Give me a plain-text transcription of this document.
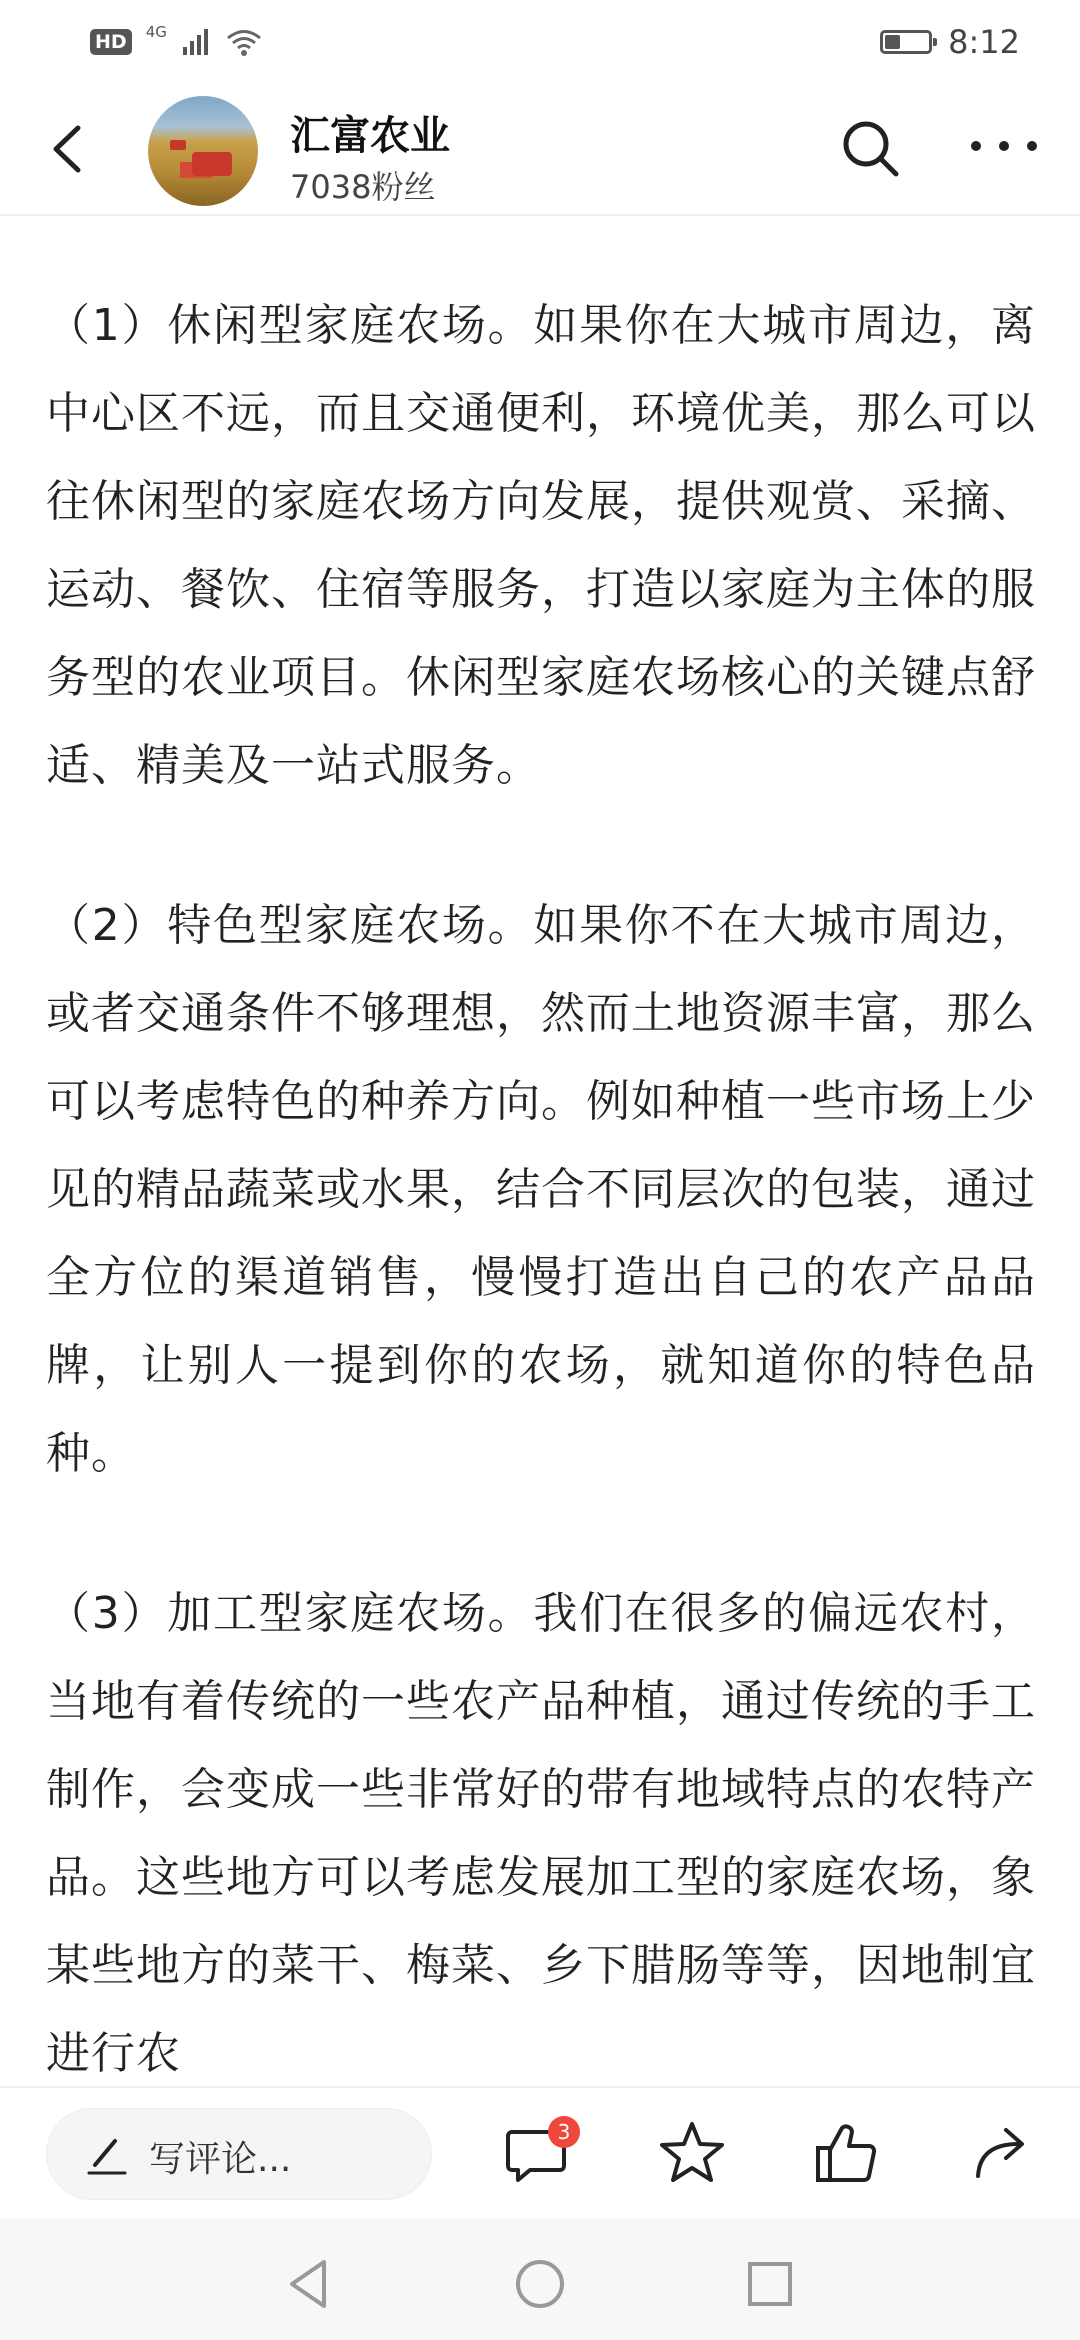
HD	4G	8:12
汇富农业
7038粉丝

（1）休闲型家庭农场。如果你在大城市周边，离中心区不远，而且交通便利，环境优美，那么可以往休闲型的家庭农场方向发展，提供观赏、采摘、运动、餐饮、住宿等服务，打造以家庭为主体的服务型的农业项目。休闲型家庭农场核心的关键点舒适、精美及一站式服务。

（2）特色型家庭农场。如果你不在大城市周边，或者交通条件不够理想，然而土地资源丰富，那么可以考虑特色的种养方向。例如种植一些市场上少见的精品蔬菜或水果，结合不同层次的包装，通过全方位的渠道销售，慢慢打造出自己的农产品品牌，让别人一提到你的农场，就知道你的特色品种。

（3）加工型家庭农场。我们在很多的偏远农村，当地有着传统的一些农产品种植，通过传统的手工制作，会变成一些非常好的带有地域特点的农特产品。这些地方可以考虑发展加工型的家庭农场，象某些地方的菜干、梅菜、乡下腊肠等等，因地制宜进行农

写评论...
3
